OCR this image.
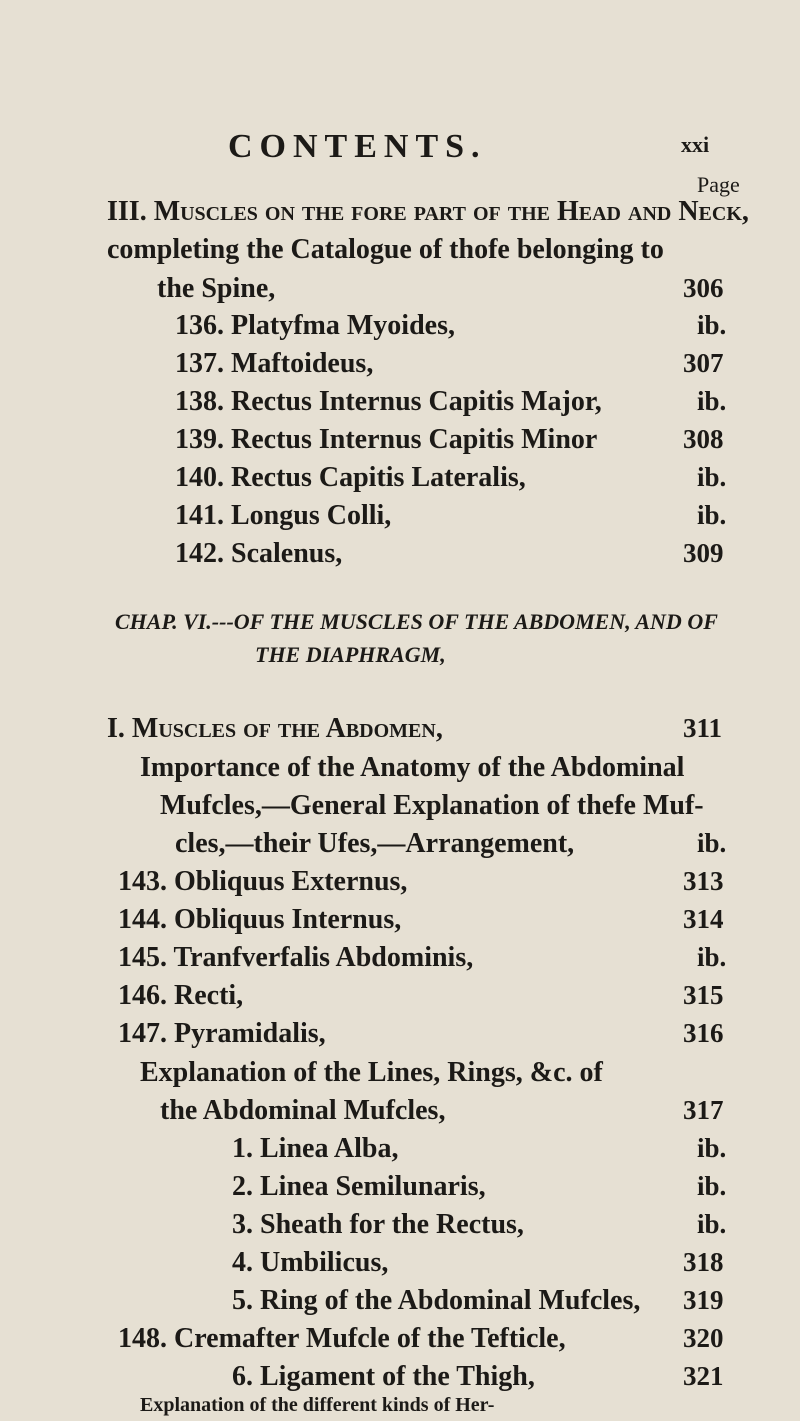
CONTENTS.	xxi
Page
III. Muscles on the fore part of the Head and Neck,
completing the Catalogue of thofe belonging to
the Spine,	306
136. Platyfma Myoides,	ib.
137. Maftoideus,	307
138. Rectus Internus Capitis Major,	ib.
139. Rectus Internus Capitis Minor	308
140. Rectus Capitis Lateralis,	ib.
141. Longus Colli,	ib.
142. Scalenus,	309
CHAP. VI.---OF THE MUSCLES OF THE ABDOMEN, AND OF
THE DIAPHRAGM,
I. Muscles of the Abdomen,	311
Importance of the Anatomy of the Abdominal
Mufcles,—General Explanation of thefe Muf-
cles,—their Ufes,—Arrangement,	ib.
143. Obliquus Externus,	313
144. Obliquus Internus,	314
145. Tranfverfalis Abdominis,	ib.
146. Recti,	315
147. Pyramidalis,	316
Explanation of the Lines, Rings, &c. of
the Abdominal Mufcles,	317
1. Linea Alba,	ib.
2. Linea Semilunaris,	ib.
3. Sheath for the Rectus,	ib.
4. Umbilicus,	318
5. Ring of the Abdominal Mufcles, 319
148. Cremafter Mufcle of the Tefticle,	320
6. Ligament of the Thigh,	321
Explanation of the different kinds of Her-
